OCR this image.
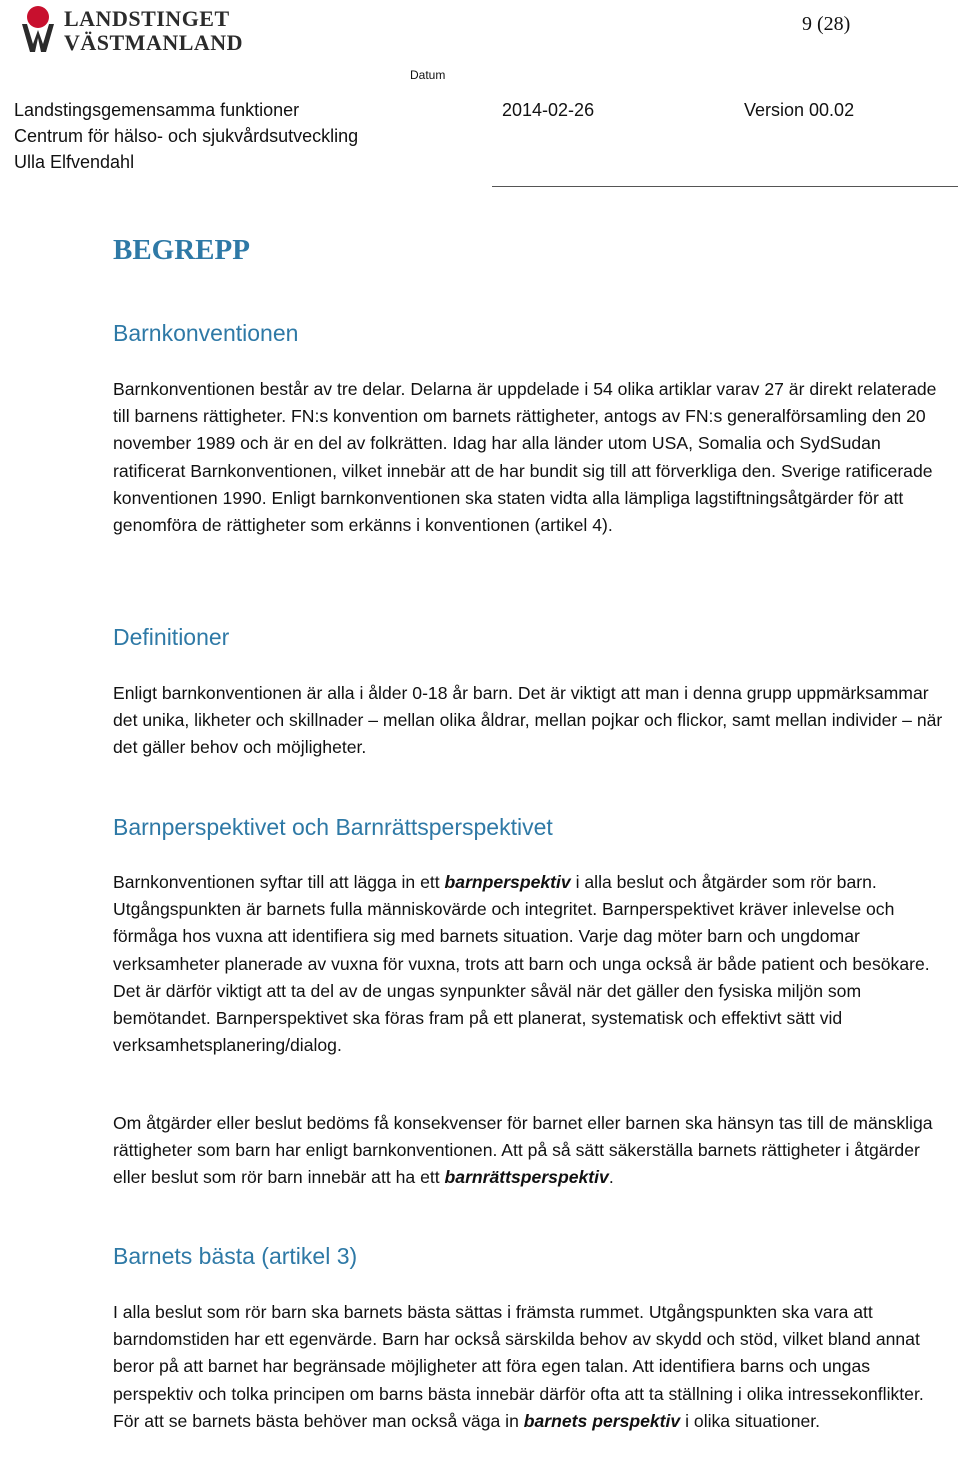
LANDSTINGET
VÄSTMANLAND
9 (28)
Datum
Landstingsgemensamma funktioner	2014-02-26	Version 00.02
Centrum för hälso- och sjukvårdsutveckling
Ulla Elfvendahl
BEGREPP
Barnkonventionen

Barnkonventionen består av tre delar. Delarna är uppdelade i 54 olika artiklar varav 27 är direkt relaterade till barnens rättigheter. FN:s konvention om barnets rättigheter, antogs av FN:s generalförsamling den 20 november 1989 och är en del av folkrätten. Idag har alla länder utom USA, Somalia och SydSudan ratificerat Barnkonventionen, vilket innebär att de har bundit sig till att förverkliga den. Sverige ratificerade konventionen 1990. Enligt barnkonventionen ska staten vidta alla lämpliga lagstiftningsåtgärder för att genomföra de rättigheter som erkänns i konventionen (artikel 4).

Definitioner

Enligt barnkonventionen är alla i ålder 0-18 år barn. Det är viktigt att man i denna grupp uppmärksammar det unika, likheter och skillnader – mellan olika åldrar, mellan pojkar och flickor, samt mellan individer – när det gäller behov och möjligheter.

Barnperspektivet och Barnrättsperspektivet

Barnkonventionen syftar till att lägga in ett barnperspektiv i alla beslut och åtgärder som rör barn. Utgångspunkten är barnets fulla människovärde och integritet. Barnperspektivet kräver inlevelse och förmåga hos vuxna att identifiera sig med barnets situation. Varje dag möter barn och ungdomar verksamheter planerade av vuxna för vuxna, trots att barn och unga också är både patient och besökare. Det är därför viktigt att ta del av de ungas synpunkter såväl när det gäller den fysiska miljön som bemötandet. Barnperspektivet ska föras fram på ett planerat, systematisk och effektivt sätt vid verksamhetsplanering/dialog.

Om åtgärder eller beslut bedöms få konsekvenser för barnet eller barnen ska hänsyn tas till de mänskliga rättigheter som barn har enligt barnkonventionen. Att på så sätt säkerställa barnets rättigheter i åtgärder eller beslut som rör barn innebär att ha ett barnrättsperspektiv.

Barnets bästa (artikel 3)

I alla beslut som rör barn ska barnets bästa sättas i främsta rummet. Utgångspunkten ska vara att barndomstiden har ett egenvärde. Barn har också särskilda behov av skydd och stöd, vilket bland annat beror på att barnet har begränsade möjligheter att föra egen talan. Att identifiera barns och ungas perspektiv och tolka principen om barns bästa innebär därför ofta att ta ställning i olika intressekonflikter. För att se barnets bästa behöver man också väga in barnets perspektiv i olika situationer.
